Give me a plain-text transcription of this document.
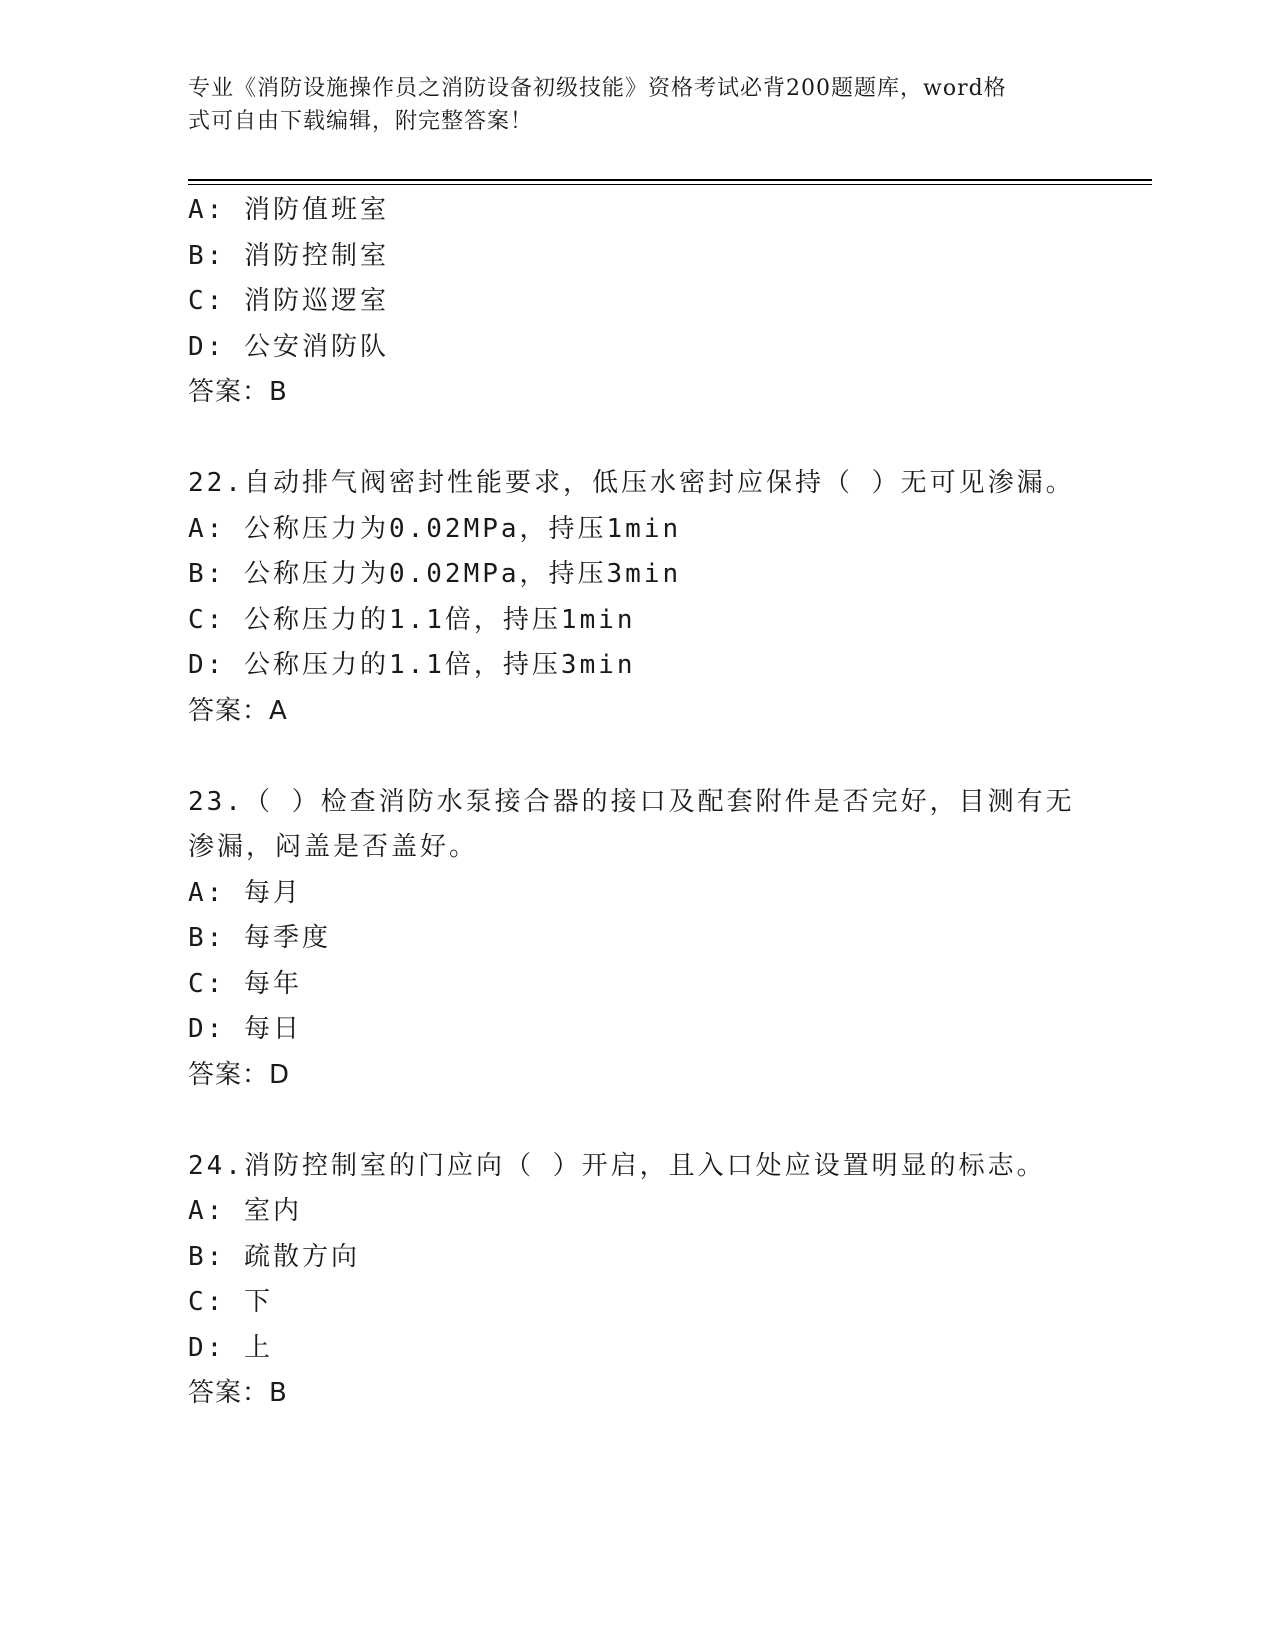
专业《消防设施操作员之消防设备初级技能》资格考试必背200题题库，word格
式可自由下载编辑，附完整答案！
A: 消防值班室
B: 消防控制室
C: 消防巡逻室
D: 公安消防队
答案：B
22.自动排气阀密封性能要求，低压水密封应保持（ ）无可见渗漏。
A: 公称压力为0.02MPa，持压1min
B: 公称压力为0.02MPa，持压3min
C: 公称压力的1.1倍，持压1min
D: 公称压力的1.1倍，持压3min
答案：A
23.（ ）检查消防水泵接合器的接口及配套附件是否完好，目测有无
渗漏，闷盖是否盖好。
A: 每月
B: 每季度
C: 每年
D: 每日
答案：D
24.消防控制室的门应向（ ）开启，且入口处应设置明显的标志。
A: 室内
B: 疏散方向
C: 下
D: 上
答案：B
